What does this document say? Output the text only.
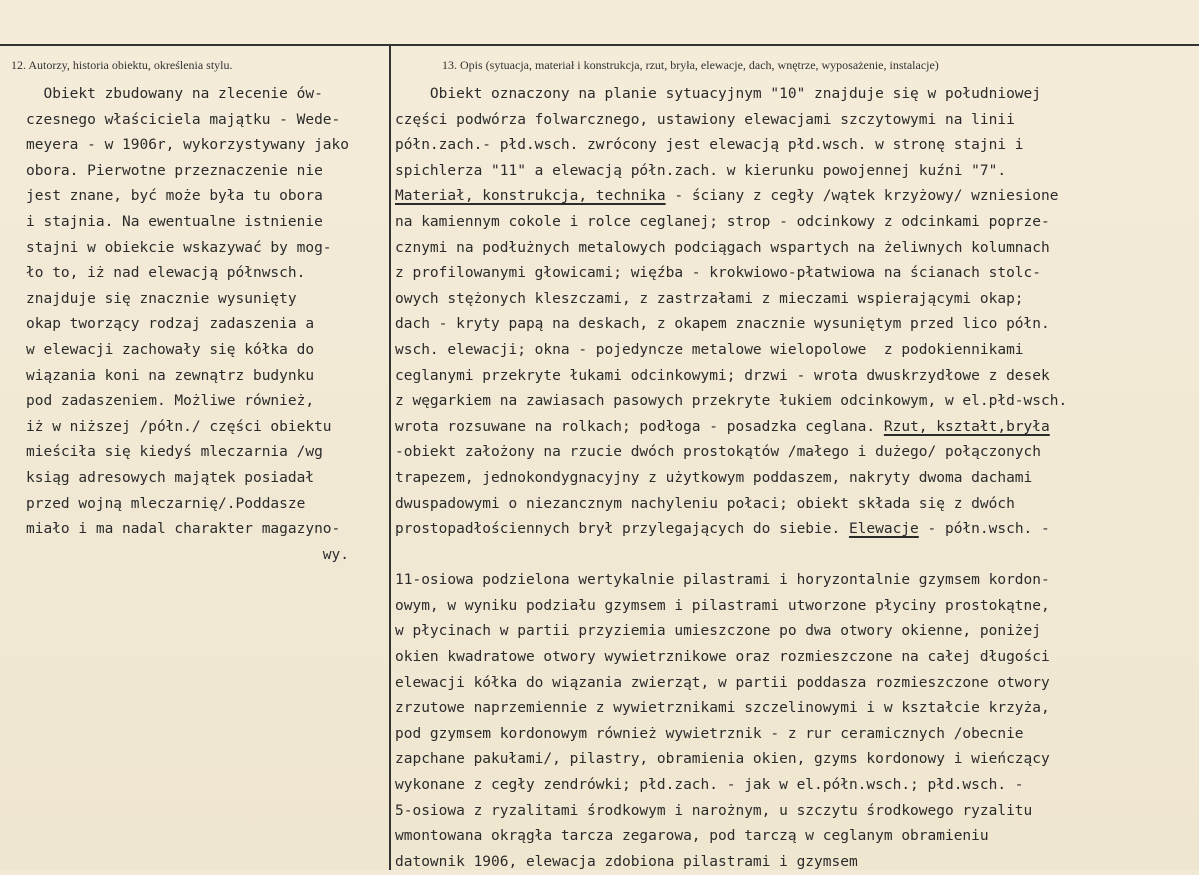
12. Autorzy, historia obiektu, określenia stylu.	13. Opis (sytuacja, materiał i konstrukcja, rzut, bryła, elewacje, dach, wnętrze, wyposażenie, instalacje)
Obiekt zbudowany na zlecenie ów-
czesnego właściciela majątku - Wede-
meyera - w 1906r, wykorzystywany jako
obora. Pierwotne przeznaczenie nie
jest znane, być może była tu obora
i stajnia. Na ewentualne istnienie
stajni w obiekcie wskazywać by mog-
ło to, iż nad elewacją półnwsch.
znajduje się znacznie wysunięty
okap tworzący rodzaj zadaszenia a
w elewacji zachowały się kółka do
wiązania koni na zewnątrz budynku
pod zadaszeniem. Możliwe również,
iż w niższej /półn./ części obiektu
mieściła się kiedyś mleczarnia /wg
ksiąg adresowych majątek posiadał
przed wojną mleczarnię/.Poddasze
miało i ma nadal charakter magazyno-
wy.
Obiekt oznaczony na planie sytuacyjnym "10" znajduje się w południowej
części podwórza folwarcznego, ustawiony elewacjami szczytowymi na linii
półn.zach.- płd.wsch. zwrócony jest elewacją płd.wsch. w stronę stajni i
spichlerza "11" a elewacją półn.zach. w kierunku powojennej kuźni "7".
Materiał, konstrukcja, technika - ściany z cegły /wątek krzyżowy/ wzniesione
na kamiennym cokole i rolce ceglanej; strop - odcinkowy z odcinkami poprze-
cznymi na podłużnych metalowych podciągach wspartych na żeliwnych kolumnach
z profilowanymi głowicami; więźba - krokwiowo-płatwiowa na ścianach stolc-
owych stężonych kleszczami, z zastrzałami z mieczami wspierającymi okap;
dach - kryty papą na deskach, z okapem znacznie wysuniętym przed lico półn.
wsch. elewacji; okna - pojedyncze metalowe wielopolowe  z podokiennikami
ceglanymi przekryte łukami odcinkowymi; drzwi - wrota dwuskrzydłowe z desek
z węgarkiem na zawiasach pasowych przekryte łukiem odcinkowym, w el.płd-wsch.
wrota rozsuwane na rolkach; podłoga - posadzka ceglana. Rzut, kształt,bryła
-obiekt założony na rzucie dwóch prostokątów /małego i dużego/ połączonych
trapezem, jednokondygnacyjny z użytkowym poddaszem, nakryty dwoma dachami
dwuspadowymi o niezancznym nachyleniu połaci; obiekt składa się z dwóch
prostopadłościennych brył przylegających do siebie. Elewacje - półn.wsch. -
11-osiowa podzielona wertykalnie pilastrami i horyzontalnie gzymsem kordon-
owym, w wyniku podziału gzymsem i pilastrami utworzone płyciny prostokątne,
w płycinach w partii przyziemia umieszczone po dwa otwory okienne, poniżej
okien kwadratowe otwory wywietrznikowe oraz rozmieszczone na całej długości
elewacji kółka do wiązania zwierząt, w partii poddasza rozmieszczone otwory
zrzutowe naprzemiennie z wywietrznikami szczelinowymi i w kształcie krzyża,
pod gzymsem kordonowym również wywietrznik - z rur ceramicznych /obecnie
zapchane pakułami/, pilastry, obramienia okien, gzyms kordonowy i wieńczący
wykonane z cegły zendrówki; płd.zach. - jak w el.półn.wsch.; płd.wsch. -
5-osiowa z ryzalitami środkowym i narożnym, u szczytu środkowego ryzalitu
wmontowana okrągła tarcza zegarowa, pod tarczą w ceglanym obramieniu
datownik 1906, elewacja zdobiona pilastrami i gzymsem
